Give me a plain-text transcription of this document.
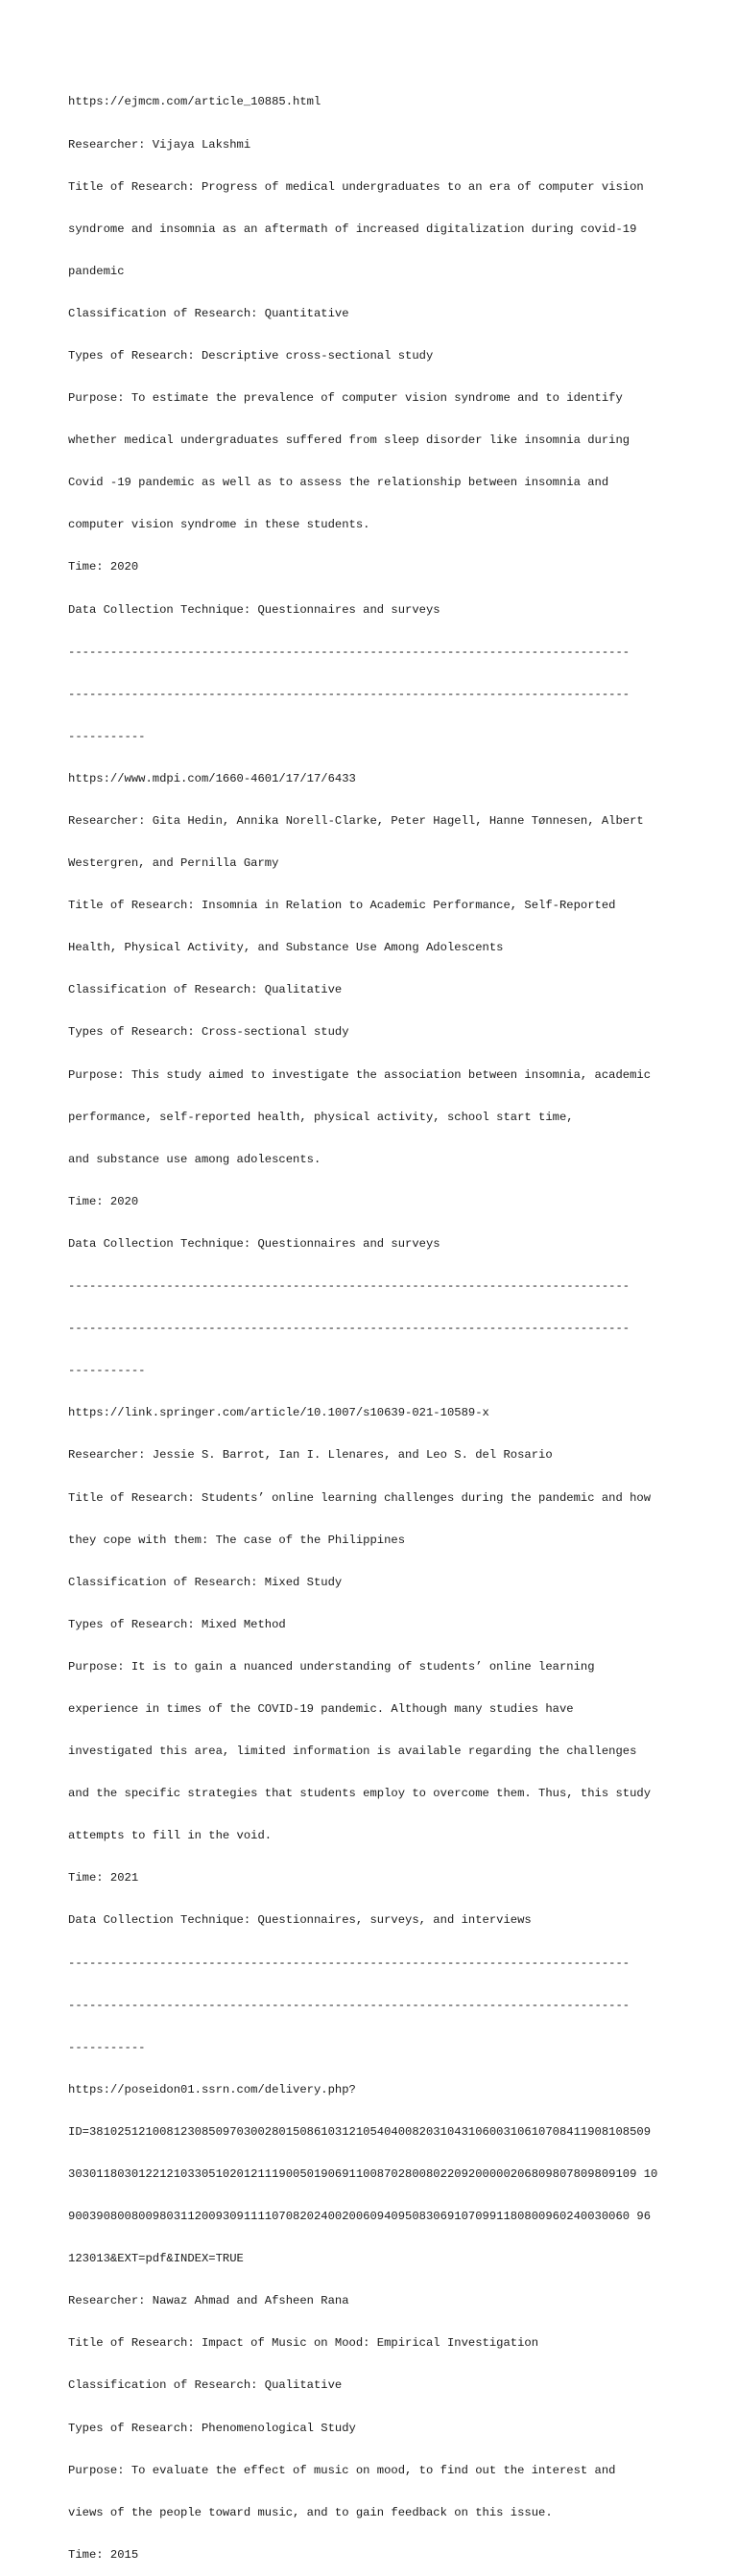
https://ejmcm.com/article_10885.html

Researcher: Vijaya Lakshmi

Title of Research: Progress of medical undergraduates to an era of computer vision

syndrome and insomnia as an aftermath of increased digitalization during covid-19

pandemic

Classification of Research: Quantitative

Types of Research: Descriptive cross-sectional study

Purpose: To estimate the prevalence of computer vision syndrome and to identify

whether medical undergraduates suffered from sleep disorder like insomnia during

Covid -19 pandemic as well as to assess the relationship between insomnia and

computer vision syndrome in these students.

Time: 2020

Data Collection Technique: Questionnaires and surveys

--------------------------------------------------------------------------------

--------------------------------------------------------------------------------

-----------

https://www.mdpi.com/1660-4601/17/17/6433

Researcher: Gita Hedin, Annika Norell-Clarke, Peter Hagell, Hanne Tønnesen, Albert

Westergren, and Pernilla Garmy

Title of Research: Insomnia in Relation to Academic Performance, Self-Reported

Health, Physical Activity, and Substance Use Among Adolescents

Classification of Research: Qualitative

Types of Research: Cross-sectional study

Purpose: This study aimed to investigate the association between insomnia, academic

performance, self-reported health, physical activity, school start time,

and substance use among adolescents.

Time: 2020

Data Collection Technique: Questionnaires and surveys

--------------------------------------------------------------------------------

--------------------------------------------------------------------------------

-----------

https://link.springer.com/article/10.1007/s10639-021-10589-x

Researcher: Jessie S. Barrot, Ian I. Llenares, and Leo S. del Rosario

Title of Research: Students’ online learning challenges during the pandemic and how

they cope with them: The case of the Philippines

Classification of Research: Mixed Study

Types of Research: Mixed Method

Purpose: It is to gain a nuanced understanding of students’ online learning

experience in times of the COVID-19 pandemic. Although many studies have

investigated this area, limited information is available regarding the challenges

and the specific strategies that students employ to overcome them. Thus, this study

attempts to fill in the void.

Time: 2021

Data Collection Technique: Questionnaires, surveys, and interviews

--------------------------------------------------------------------------------

--------------------------------------------------------------------------------

-----------

https://poseidon01.ssrn.com/delivery.php?

ID=38102512100812308509703002801508610312105404008203104310600310610708411908108509

303011803012212103305102012111900501906911008702800802209200000206809807809809109 10

90039080080098031120093091111070820240020060940950830691070991180800960240030060 96

123013&EXT=pdf&INDEX=TRUE

Researcher: Nawaz Ahmad and Afsheen Rana

Title of Research: Impact of Music on Mood: Empirical Investigation

Classification of Research: Qualitative

Types of Research: Phenomenological Study

Purpose: To evaluate the effect of music on mood, to find out the interest and

views of the people toward music, and to gain feedback on this issue.

Time: 2015
